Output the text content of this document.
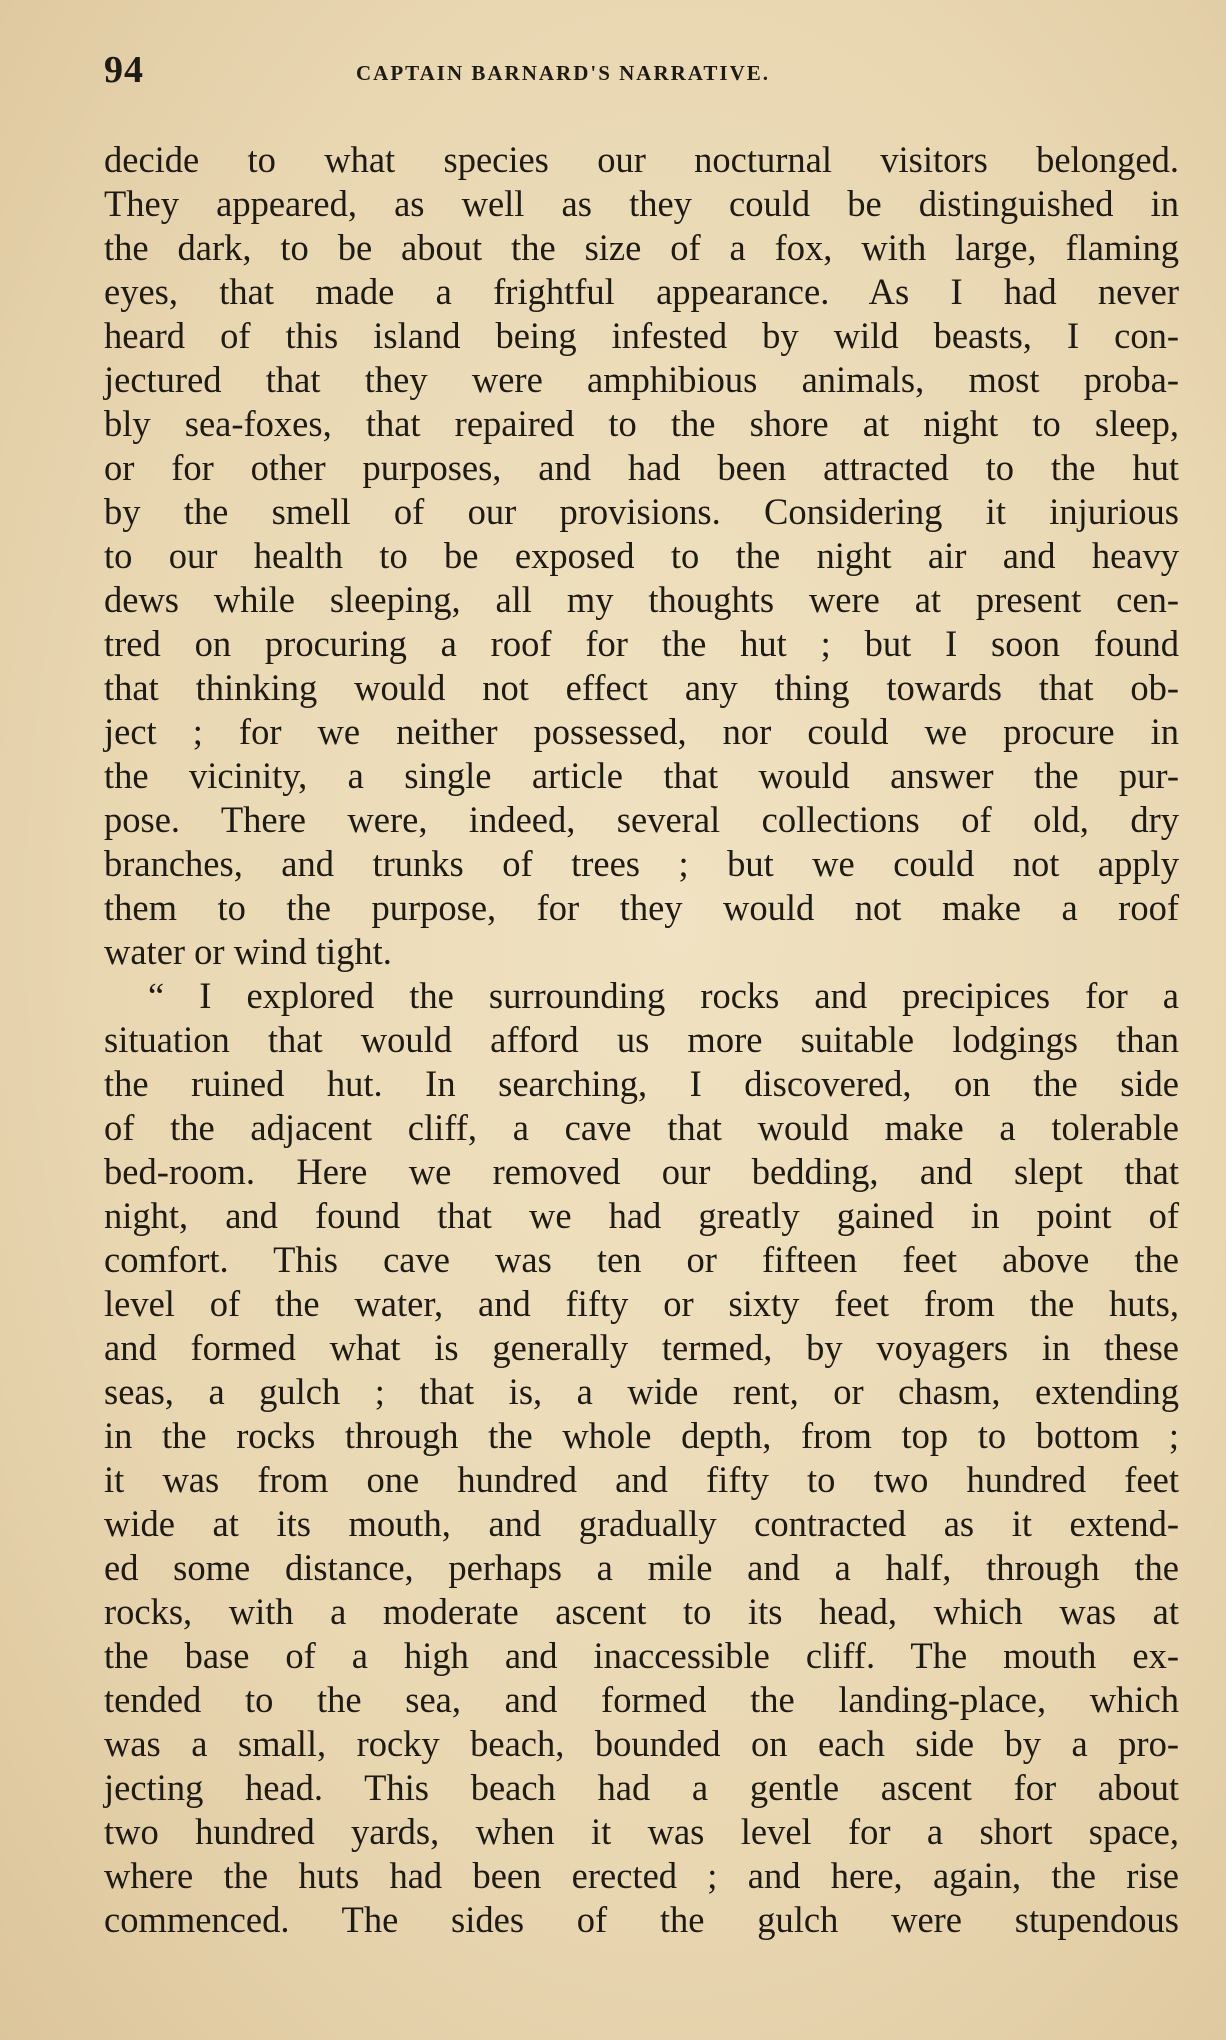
94	CAPTAIN BARNARD'S NARRATIVE.
decide to what species our nocturnal visitors belonged.
They appeared, as well as they could be distinguished in
the dark, to be about the size of a fox, with large, flaming
eyes, that made a frightful appearance. As I had never
heard of this island being infested by wild beasts, I con-
jectured that they were amphibious animals, most proba-
bly sea-foxes, that repaired to the shore at night to sleep,
or for other purposes, and had been attracted to the hut
by the smell of our provisions. Considering it injurious
to our health to be exposed to the night air and heavy
dews while sleeping, all my thoughts were at present cen-
tred on procuring a roof for the hut ; but I soon found
that thinking would not effect any thing towards that ob-
ject ; for we neither possessed, nor could we procure in
the vicinity, a single article that would answer the pur-
pose. There were, indeed, several collections of old, dry
branches, and trunks of trees ; but we could not apply
them to the purpose, for they would not make a roof
water or wind tight.
“ I explored the surrounding rocks and precipices for a
situation that would afford us more suitable lodgings than
the ruined hut. In searching, I discovered, on the side
of the adjacent cliff, a cave that would make a tolerable
bed-room. Here we removed our bedding, and slept that
night, and found that we had greatly gained in point of
comfort. This cave was ten or fifteen feet above the
level of the water, and fifty or sixty feet from the huts,
and formed what is generally termed, by voyagers in these
seas, a gulch ; that is, a wide rent, or chasm, extending
in the rocks through the whole depth, from top to bottom ;
it was from one hundred and fifty to two hundred feet
wide at its mouth, and gradually contracted as it extend-
ed some distance, perhaps a mile and a half, through the
rocks, with a moderate ascent to its head, which was at
the base of a high and inaccessible cliff. The mouth ex-
tended to the sea, and formed the landing-place, which
was a small, rocky beach, bounded on each side by a pro-
jecting head. This beach had a gentle ascent for about
two hundred yards, when it was level for a short space,
where the huts had been erected ; and here, again, the rise
commenced. The sides of the gulch were stupendous
